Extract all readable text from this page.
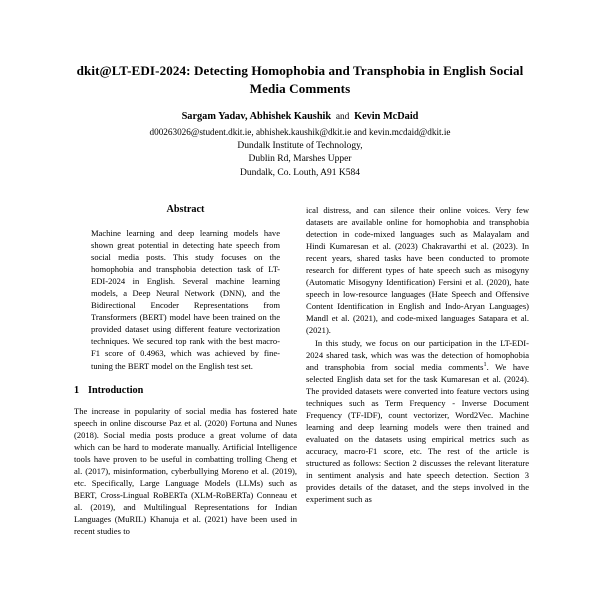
dkit@LT-EDI-2024: Detecting Homophobia and Transphobia in English Social Media Comments
Sargam Yadav, Abhishek Kaushik  and  Kevin McDaid
d00263026@student.dkit.ie, abhishek.kaushik@dkit.ie and kevin.mcdaid@dkit.ie
Dundalk Institute of Technology,
Dublin Rd, Marshes Upper
Dundalk, Co. Louth, A91 K584
Abstract

Machine learning and deep learning models have shown great potential in detecting hate speech from social media posts. This study focuses on the homophobia and transphobia detection task of LT-EDI-2024 in English. Several machine learning models, a Deep Neural Network (DNN), and the Bidirectional Encoder Representations from Transformers (BERT) model have been trained on the provided dataset using different feature vectorization techniques. We secured top rank with the best macro-F1 score of 0.4963, which was achieved by fine-tuning the BERT model on the English test set.

1 Introduction

The increase in popularity of social media has fostered hate speech in online discourse Paz et al. (2020) Fortuna and Nunes (2018). Social media posts produce a great volume of data which can be hard to moderate manually. Artificial Intelligence tools have proven to be useful in combatting trolling Cheng et al. (2017), misinformation, cyberbullying Moreno et al. (2019), etc. Specifically, Large Language Models (LLMs) such as BERT, Cross-Lingual RoBERTa (XLM-RoBERTa) Conneau et al. (2019), and Multilingual Representations for Indian Languages (MuRIL) Khanuja et al. (2021) have been used in recent studies to

ical distress, and can silence their online voices. Very few datasets are available online for homophobia and transphobia detection in code-mixed languages such as Malayalam and Hindi Kumaresan et al. (2023) Chakravarthi et al. (2023). In recent years, shared tasks have been conducted to promote research for different types of hate speech such as misogyny (Automatic Misogyny Identification) Fersini et al. (2020), hate speech in low-resource languages (Hate Speech and Offensive Content Identification in English and Indo-Aryan Languages) Mandl et al. (2021), and code-mixed languages Satapara et al. (2021).

In this study, we focus on our participation in the LT-EDI-2024 shared task, which was was the detection of homophobia and transphobia from social media comments$^1$. We have selected English data set for the task Kumaresan et al. (2024). The provided datasets were converted into feature vectors using techniques such as Term Frequency - Inverse Document Frequency (TF-IDF), count vectorizer, Word2Vec. Machine learning and deep learning models were then trained and evaluated on the datasets using empirical metrics such as accuracy, macro-F1 score, etc. The rest of the article is structured as follows: Section 2 discusses the relevant literature in sentiment analysis and hate speech detection. Section 3 provides details of the dataset, and the steps involved in the experiment such as
